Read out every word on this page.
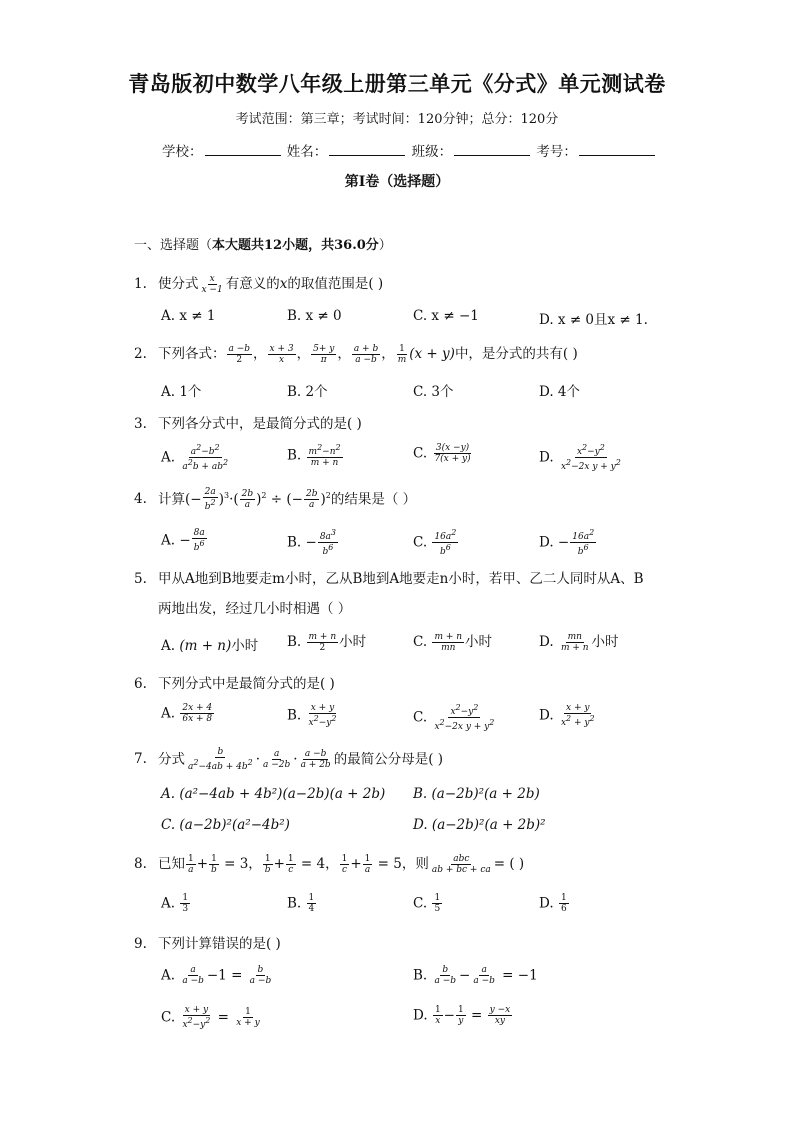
青岛版初中数学八年级上册第三单元《分式》单元测试卷
考试范围：第三章；考试时间：120分钟；总分：120分
学校：	姓名：	班级：	考号：
第I卷（选择题）
一、选择题（本大题共12小题，共36.0分）
1. 使分式 $\frac{x}{x -1}$ 有意义的x的取值范围是( )
A. x ≠ 1	B. x ≠ 0	C. x ≠ −1	D. x ≠ 0且x ≠ 1.
2. 下列各式： $\frac{a -b}{2}$ ， $\frac{x + 3}{x}$ ， $\frac{5+ y}{\pi}$ ， $\frac{a + b}{a -b}$ ， $\frac{1}{m} (x + y)$中，是分式的共有( )
A. 1个	B. 2个	C. 3个	D. 4个
3. 下列各分式中，是最简分式的是( )
A. $\frac{a^2-b^2}{a^2b + ab^2}$	B. $\frac{m^2-n^2}{m + n}$	C. $\frac{3(x -y)}{7(x + y)}$	D. $\frac{x^2-y^2}{x^2-2x y + y^2}$
4. 计算(− $\frac{2a}{b^2} )^3\cdot( \frac{2b}{a} )^2$ ÷ (− $\frac{2b}{a} )^2$的结果是（ ）
A. − $\frac{8a}{b^6}$	B. − $\frac{8a^3}{b^6}$	C. $\frac{16a^2}{b^6}$	D. − $\frac{16a^2}{b^6}$
5. 甲从A地到B地要走m小时，乙从B地到A地要走n小时，若甲、乙二人同时从A、B
两地出发，经过几小时相遇（ ）
A. (m + n)小时 B. $\frac{m + n}{2}$ 小时	C. $\frac{m + n}{mn}$ 小时	D. $\frac{mn}{m + n}$ 小时
6. 下列分式中是最简分式的是( )
A. $\frac{2x + 4}{6x + 8}$	B. $\frac{x + y}{x^2-y^2}$	C. $\frac{x^2-y^2}{x^2-2x y + y^2}$	D. $\frac{x + y}{x^2 + y^2}$
7. 分式 $\frac{b}{a^2-4ab + 4b^2} \cdot \frac{a}{a -2b} \cdot \frac{a -b}{a + 2b}$ 的最简公分母是( )
A. (a²−4ab + 4b²)(a−2b)(a + 2b) B. (a−2b)²(a + 2b)
C. (a−2b)²(a²−4b²)	D. (a−2b)²(a + 2b)²
8. 已知 $\frac{1}{a} + \frac{1}{b} = 3$， $\frac{1}{b} + \frac{1}{c} = 4$， $\frac{1}{c} + \frac{1}{a} = 5$，则 $\frac{\text{abc}}{ab + bc + ca}$ = ( )
A. $\frac{1}{3}$	B. $\frac{1}{4}$	C. $\frac{1}{5}$	D. $\frac{1}{6}$
9. 下列计算错误的是( )
A. $\frac{a}{a -b} -1 = \frac{b}{a -b}$	B. $\frac{b}{a -b} - \frac{a}{a -b} = -1$
C. $\frac{x + y}{x^2-y^2} = \frac{1}{x + y}$	D. $\frac{1}{x} - \frac{1}{y} = \frac{y -x}{xy}$
